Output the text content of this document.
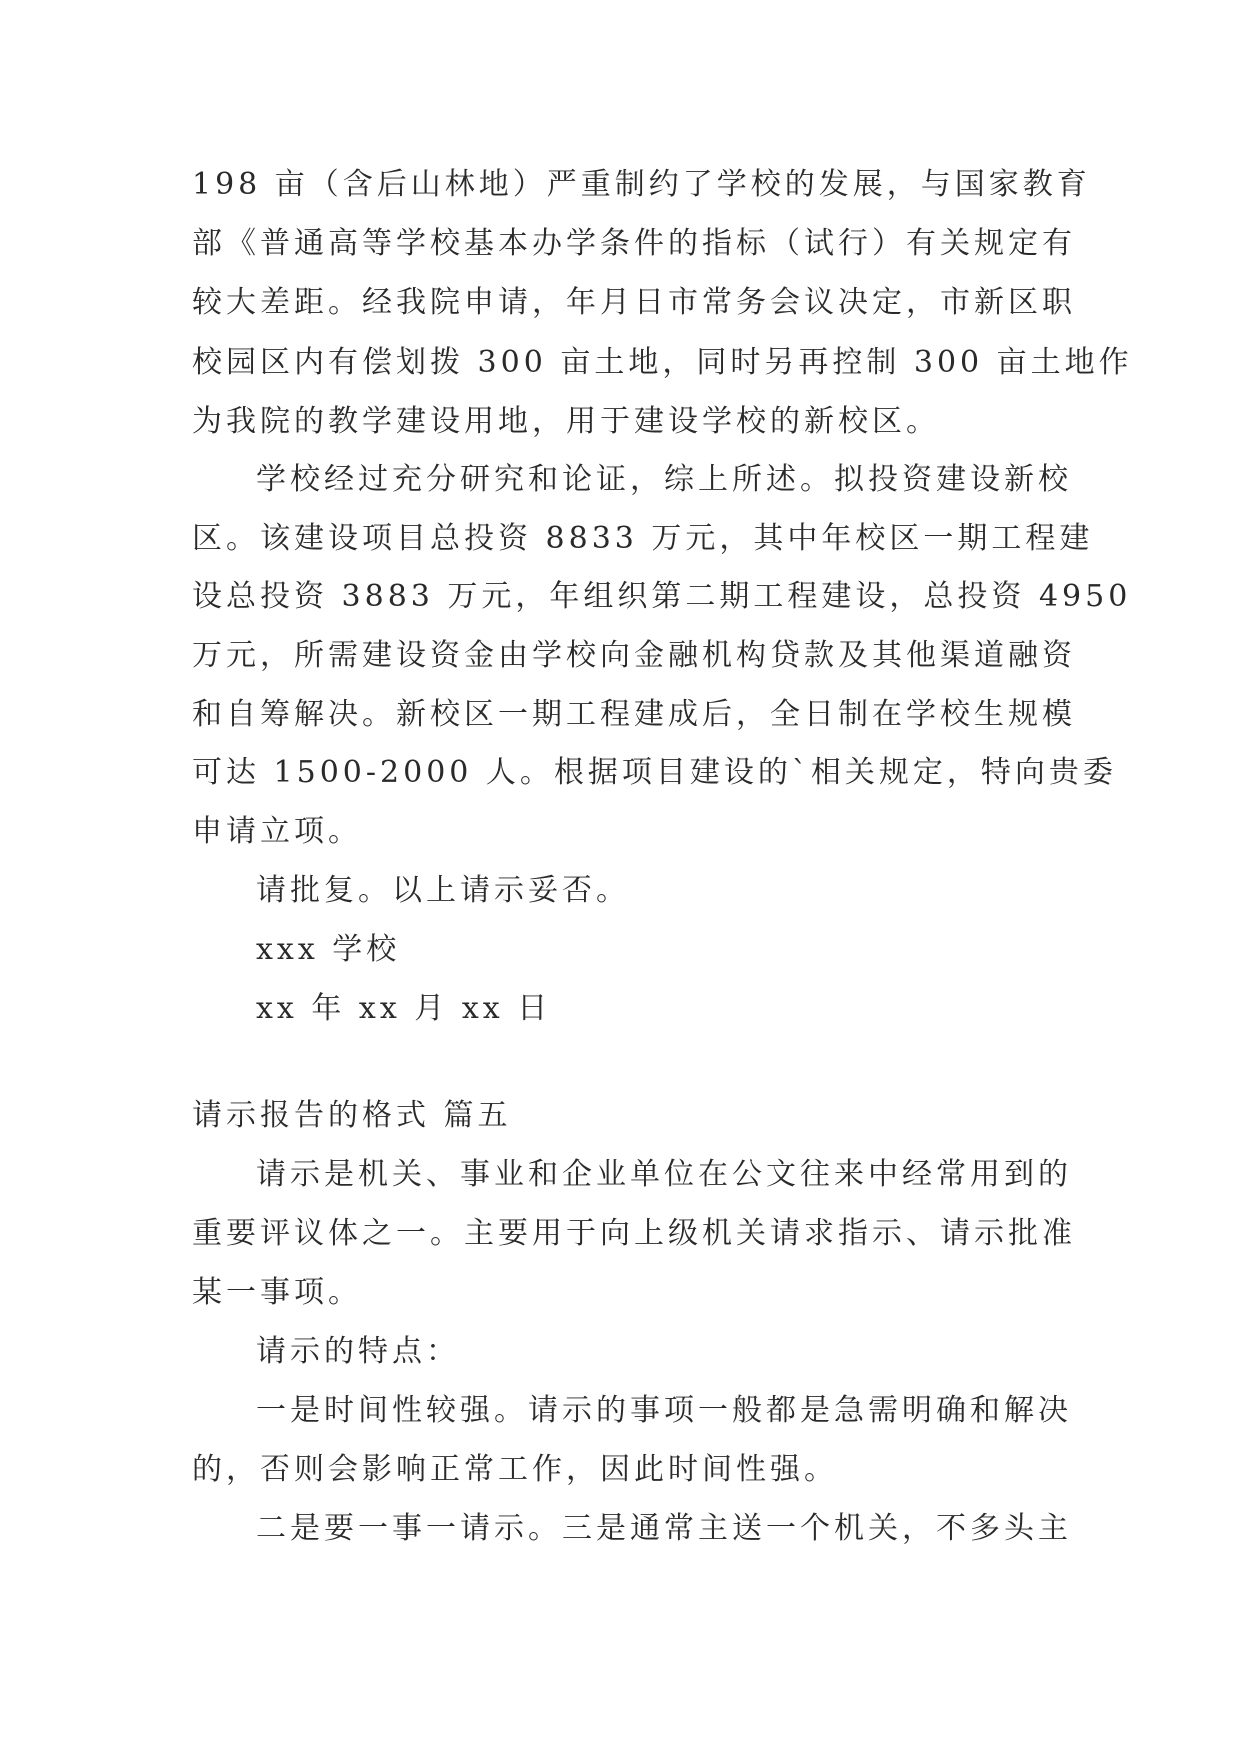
198 亩（含后山林地）严重制约了学校的发展，与国家教育

部《普通高等学校基本办学条件的指标（试行）有关规定有

较大差距。经我院申请，年月日市常务会议决定，市新区职

校园区内有偿划拨 300 亩土地，同时另再控制 300 亩土地作

为我院的教学建设用地，用于建设学校的新校区。

学校经过充分研究和论证，综上所述。拟投资建设新校

区。该建设项目总投资 8833 万元，其中年校区一期工程建

设总投资 3883 万元，年组织第二期工程建设，总投资 4950

万元，所需建设资金由学校向金融机构贷款及其他渠道融资

和自筹解决。新校区一期工程建成后，全日制在学校生规模

可达 1500-2000 人。根据项目建设的`相关规定，特向贵委

申请立项。

请批复。以上请示妥否。

xxx 学校

xx 年 xx 月 xx 日

请示报告的格式 篇五

请示是机关、事业和企业单位在公文往来中经常用到的

重要评议体之一。主要用于向上级机关请求指示、请示批准

某一事项。

请示的特点：

一是时间性较强。请示的事项一般都是急需明确和解决

的，否则会影响正常工作，因此时间性强。

二是要一事一请示。三是通常主送一个机关，不多头主
